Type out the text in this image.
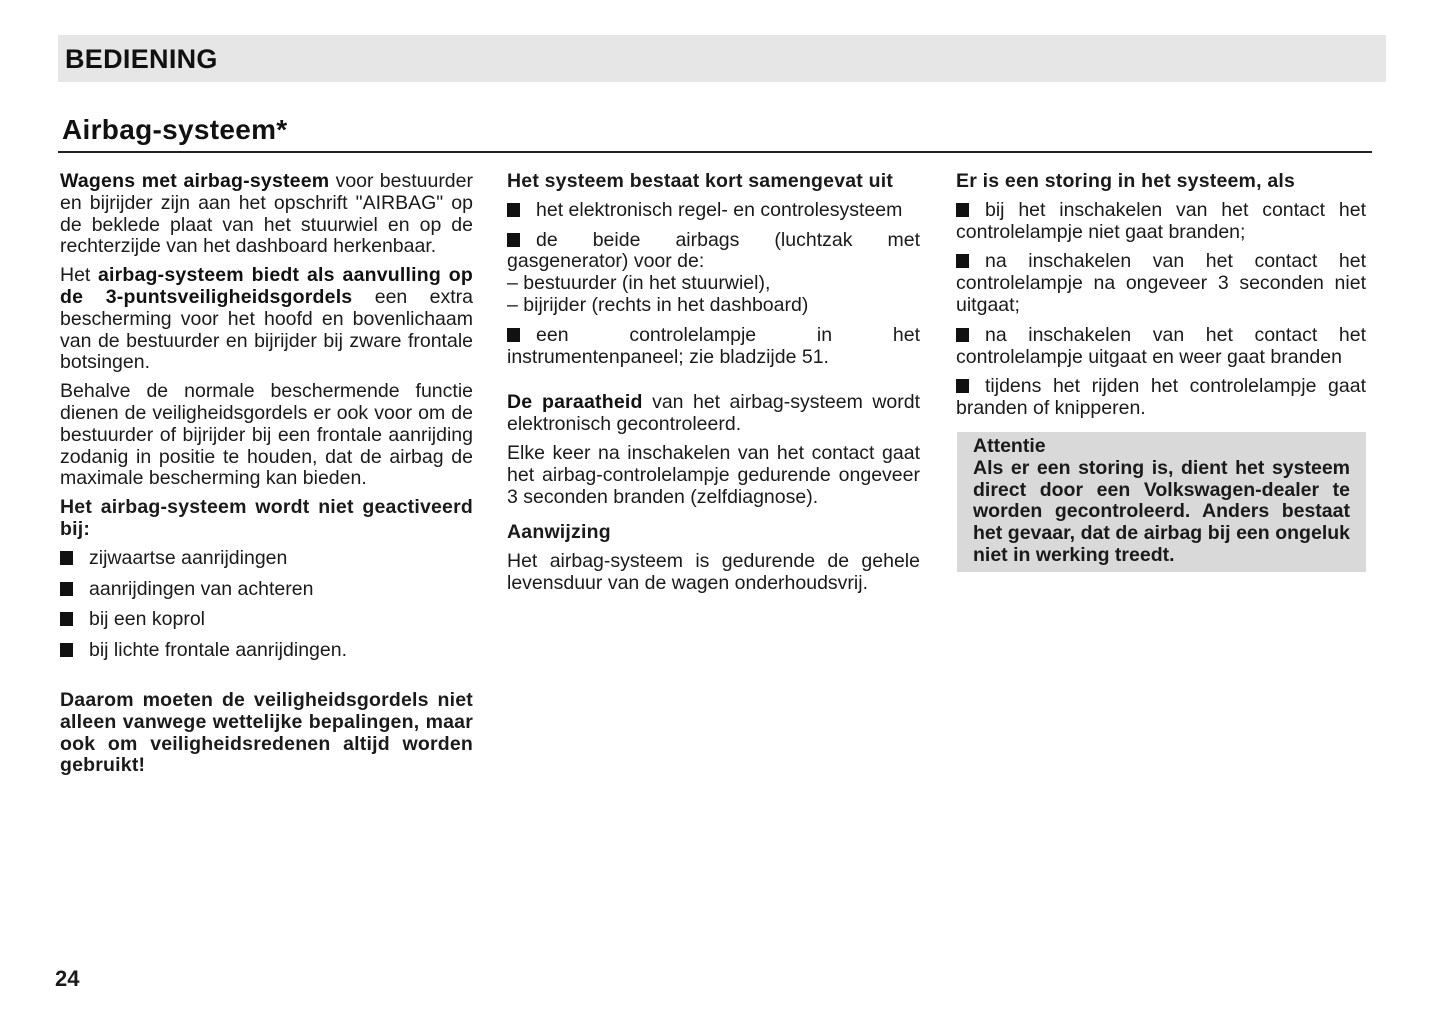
BEDIENING
Airbag-systeem*

Wagens met airbag-systeem voor bestuurder en bijrijder zijn aan het opschrift "AIRBAG" op de beklede plaat van het stuurwiel en op de rechterzijde van het dashboard herkenbaar.

Het airbag-systeem biedt als aanvulling op de 3-puntsveiligheidsgordels een extra bescherming voor het hoofd en bovenlichaam van de bestuurder en bijrijder bij zware frontale botsingen.

Behalve de normale beschermende functie dienen de veiligheidsgordels er ook voor om de bestuurder of bijrijder bij een frontale aanrijding zodanig in positie te houden, dat de airbag de maximale bescherming kan bieden.

Het airbag-systeem wordt niet geactiveerd bij:
zijwaartse aanrijdingen
aanrijdingen van achteren
bij een koprol
bij lichte frontale aanrijdingen.

Daarom moeten de veiligheidsgordels niet alleen vanwege wettelijke bepalingen, maar ook om veiligheidsredenen altijd worden gebruikt!

Het systeem bestaat kort samengevat uit
het elektronisch regel- en controlesysteem
de beide airbags (luchtzak met gasgenerator) voor de:
– bestuurder (in het stuurwiel),
– bijrijder (rechts in het dashboard)
een controlelampje in het instrumentenpaneel; zie bladzijde 51.

De paraatheid van het airbag-systeem wordt elektronisch gecontroleerd.

Elke keer na inschakelen van het contact gaat het airbag-controlelampje gedurende ongeveer 3 seconden branden (zelfdiagnose).

Aanwijzing

Het airbag-systeem is gedurende de gehele levensduur van de wagen onderhoudsvrij.

Er is een storing in het systeem, als
bij het inschakelen van het contact het controlelampje niet gaat branden;
na inschakelen van het contact het controlelampje na ongeveer 3 seconden niet uitgaat;
na inschakelen van het contact het controlelampje uitgaat en weer gaat branden
tijdens het rijden het controlelampje gaat branden of knipperen.
Attentie
Als er een storing is, dient het systeem direct door een Volkswagen-dealer te worden gecontroleerd. Anders bestaat het gevaar, dat de airbag bij een ongeluk niet in werking treedt.
24
